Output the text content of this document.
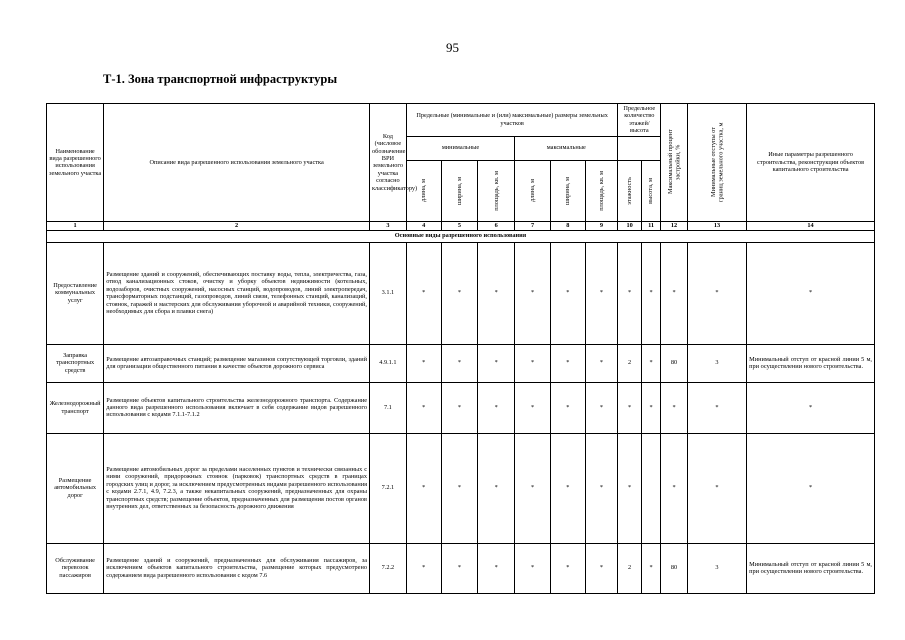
95
Т-1. Зона транспортной инфраструктуры
Наименование вида разрешенного использования земельного участка	Описание вида разрешенного использования земельного участка	Код (числовое обозначение ВРИ земельного участка согласно классификатору)	Предельные (минимальные и (или) максимальные) размеры земельных участков						Предельное количество этажей/высота		Максимальный процент застройки, %	Минимальные отступы от границ земельного участка, м	Иные параметры разрешенного строительства, реконструкции объектов капитального строительства
			минимальные			максимальные							

			длина, м	ширина, м	площадь, кв. м	длина, м	ширина, м	площадь, кв. м	этажность	высота, м			

1	2	3	4	5	6	7	8	9	10	11	12	13	14
Основные виды разрешенного использования													
Предоставление коммунальных услуг	Размещение зданий и сооружений, обеспечивающих поставку воды, тепла, электричества, газа, отвод канализационных стоков, очистку и уборку объектов недвижимости (котельных, водозаборов, очистных сооружений, насосных станций, водопроводов, линий электропередач, трансформаторных подстанций, газопроводов, линий связи, телефонных станций, канализаций, стоянок, гаражей и мастерских для обслуживания уборочной и аварийной техники, сооружений, необходимых для сбора и плавки снега)	3.1.1	*	*	*	*	*	*	*	*	*	*	*
Заправка транспортных средств	Размещение автозаправочных станций; размещение магазинов сопутствующей торговли, зданий для организации общественного питания в качестве объектов дорожного сервиса	4.9.1.1	*	*	*	*	*	*	2	*	80	3	Минимальный отступ от красной линии 5 м, при осуществлении нового строительства.
Железнодорожный транспорт	Размещение объектов капитального строительства железнодорожного транспорта. Содержание данного вида разрешенного использования включает в себя содержание видов разрешенного использования с кодами 7.1.1-7.1.2	7.1	*	*	*	*	*	*	*	*	*	*	*
Размещение автомобильных дорог	Размещение автомобильных дорог за пределами населенных пунктов и технически связанных с ними сооружений, придорожных стоянок (парковок) транспортных средств в границах городских улиц и дорог, за исключением предусмотренных видами разрешенного использования с кодами 2.7.1, 4.9, 7.2.3, а также некапитальных сооружений, предназначенных для охраны транспортных средств; размещение объектов, предназначенных для размещения постов органов внутренних дел, ответственных за безопасность дорожного движения	7.2.1	*	*	*	*	*	*	*		*	*	*
Обслуживание перевозок пассажиров	Размещение зданий и сооружений, предназначенных для обслуживания пассажиров, за исключением объектов капитального строительства, размещение которых предусмотрено содержанием вида разрешенного использования с кодом 7.6	7.2.2	*	*	*	*	*	*	2	*	80	3	Минимальный отступ от красной линии 5 м, при осуществлении нового строительства.
